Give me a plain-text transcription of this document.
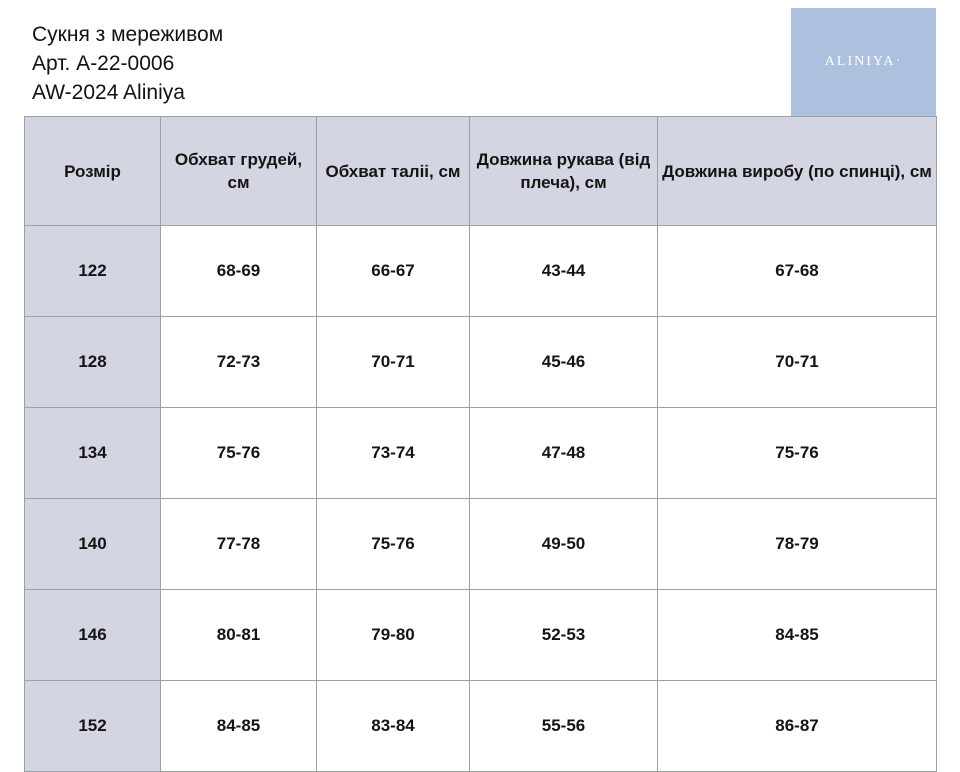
Сукня з мереживом
Арт. A-22-0006
AW-2024 Aliniya
ALINIYA·
Розмір	Обхват грудей, см	Обхват таліі, см	Довжина рукава (від плеча), см	Довжина виробу (по спинці), см
122	68-69	66-67	43-44	67-68
128	72-73	70-71	45-46	70-71
134	75-76	73-74	47-48	75-76
140	77-78	75-76	49-50	78-79
146	80-81	79-80	52-53	84-85
152	84-85	83-84	55-56	86-87
